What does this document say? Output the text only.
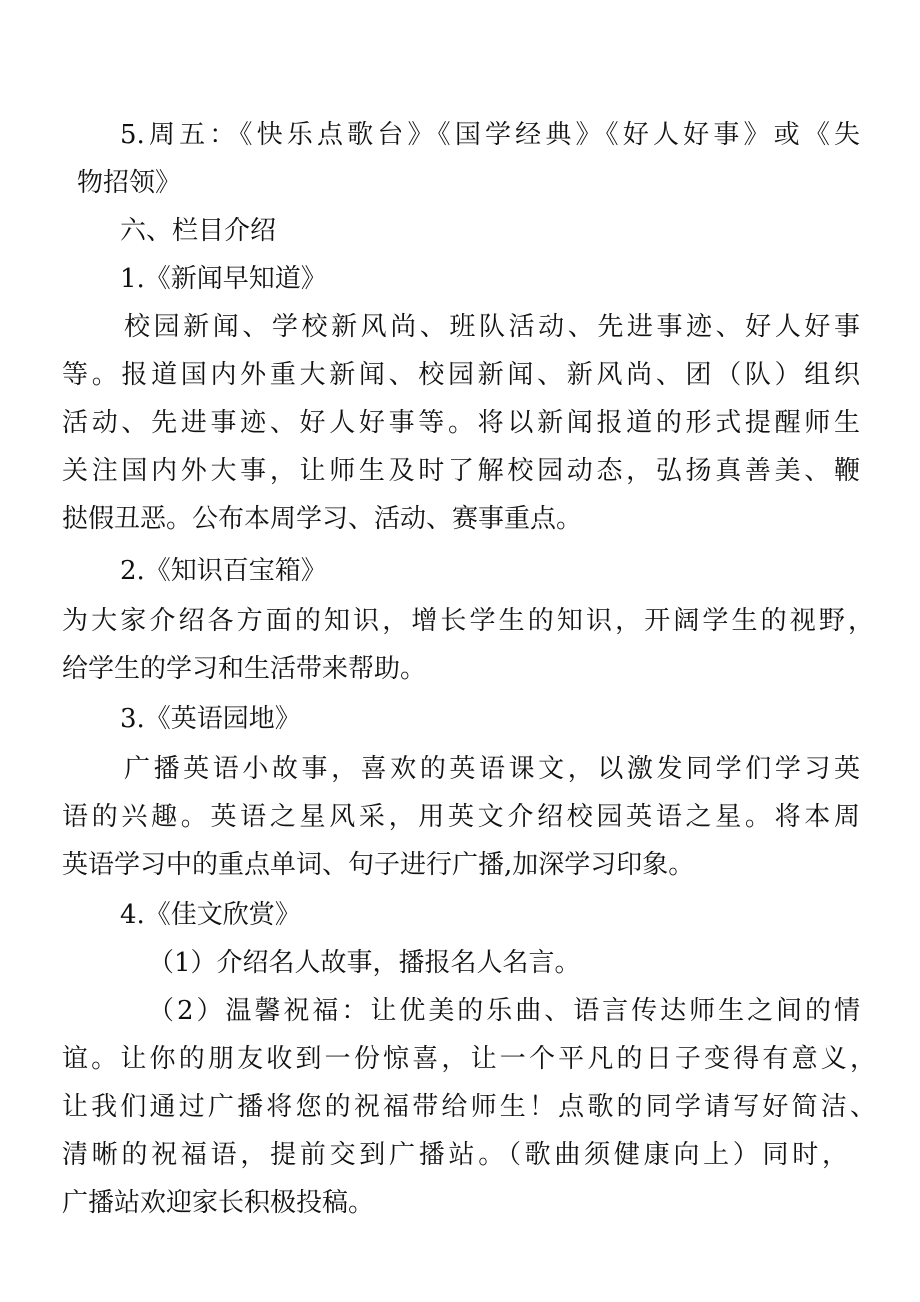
5.周五：《快乐点歌台》《国学经典》《好人好事》或《失
物招领》
六、栏目介绍
1.《新闻早知道》
校园新闻、学校新风尚、班队活动、先进事迹、好人好事
等。报道国内外重大新闻、校园新闻、新风尚、团（队）组织
活动、先进事迹、好人好事等。将以新闻报道的形式提醒师生
关注国内外大事，让师生及时了解校园动态，弘扬真善美、鞭
挞假丑恶。公布本周学习、活动、赛事重点。
2.《知识百宝箱》
为大家介绍各方面的知识，增长学生的知识，开阔学生的视野，
给学生的学习和生活带来帮助。
3.《英语园地》
广播英语小故事，喜欢的英语课文，以激发同学们学习英
语的兴趣。英语之星风采，用英文介绍校园英语之星。将本周
英语学习中的重点单词、句子进行广播,加深学习印象。
4.《佳文欣赏》
（1）介绍名人故事，播报名人名言。
（2）温馨祝福：让优美的乐曲、语言传达师生之间的情
谊。让你的朋友收到一份惊喜，让一个平凡的日子变得有意义，
让我们通过广播将您的祝福带给师生！点歌的同学请写好简洁、
清晰的祝福语，提前交到广播站。（歌曲须健康向上）同时，
广播站欢迎家长积极投稿。
